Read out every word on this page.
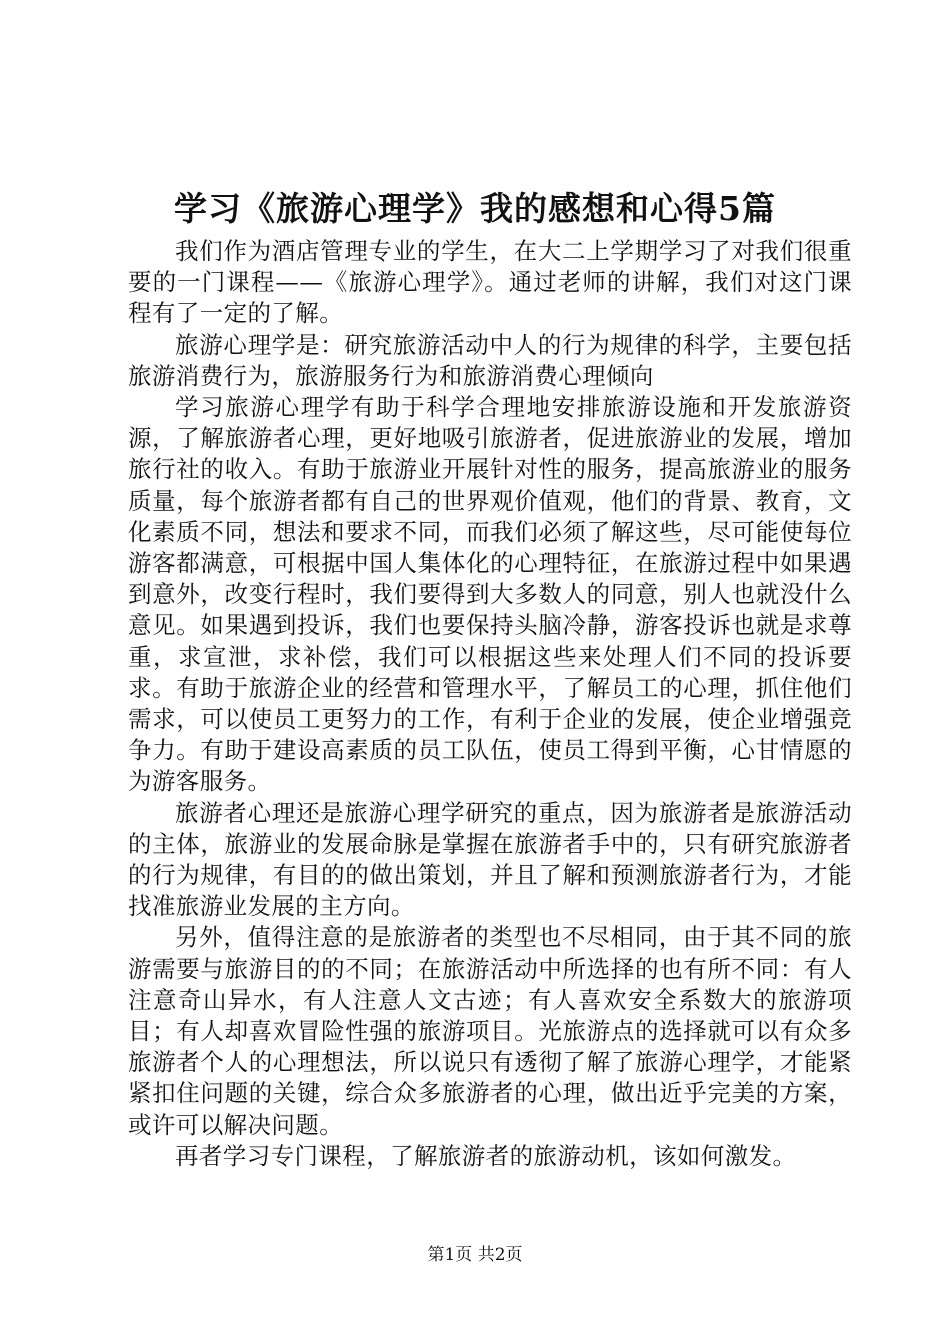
学习《旅游心理学》我的感想和心得5篇

我们作为酒店管理专业的学生，在大二上学期学习了对我们很重要的一门课程——《旅游心理学》。通过老师的讲解，我们对这门课程有了一定的了解。

旅游心理学是：研究旅游活动中人的行为规律的科学，主要包括旅游消费行为，旅游服务行为和旅游消费心理倾向

学习旅游心理学有助于科学合理地安排旅游设施和开发旅游资源，了解旅游者心理，更好地吸引旅游者，促进旅游业的发展，增加旅行社的收入。有助于旅游业开展针对性的服务，提高旅游业的服务质量，每个旅游者都有自己的世界观价值观，他们的背景、教育，文化素质不同，想法和要求不同，而我们必须了解这些，尽可能使每位游客都满意，可根据中国人集体化的心理特征，在旅游过程中如果遇到意外，改变行程时，我们要得到大多数人的同意，别人也就没什么意见。如果遇到投诉，我们也要保持头脑冷静，游客投诉也就是求尊重，求宣泄，求补偿，我们可以根据这些来处理人们不同的投诉要求。有助于旅游企业的经营和管理水平，了解员工的心理，抓住他们需求，可以使员工更努力的工作，有利于企业的发展，使企业增强竞争力。有助于建设高素质的员工队伍，使员工得到平衡，心甘情愿的为游客服务。

旅游者心理还是旅游心理学研究的重点，因为旅游者是旅游活动的主体，旅游业的发展命脉是掌握在旅游者手中的，只有研究旅游者的行为规律，有目的的做出策划，并且了解和预测旅游者行为，才能找准旅游业发展的主方向。

另外，值得注意的是旅游者的类型也不尽相同，由于其不同的旅游需要与旅游目的的不同；在旅游活动中所选择的也有所不同：有人注意奇山异水，有人注意人文古迹；有人喜欢安全系数大的旅游项目；有人却喜欢冒险性强的旅游项目。光旅游点的选择就可以有众多旅游者个人的心理想法，所以说只有透彻了解了旅游心理学，才能紧紧扣住问题的关键，综合众多旅游者的心理，做出近乎完美的方案，或许可以解决问题。

再者学习专门课程，了解旅游者的旅游动机，该如何激发。

第1页 共2页
